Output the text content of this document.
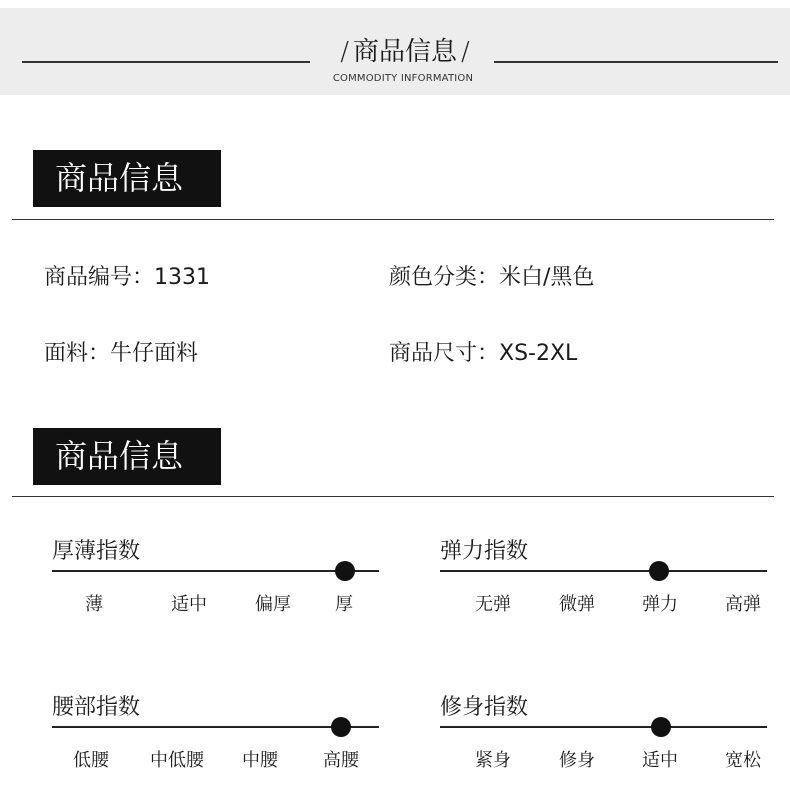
/ 商品信息 /
COMMODITY INFORMATION
商品信息
商品编号：1331	颜色分类：米白/黑色
面料：牛仔面料	商品尺寸：XS-2XL
商品信息
厚薄指数
薄	适中	偏厚	厚
弹力指数
无弹	微弹	弹力	高弹
腰部指数
低腰	中低腰	中腰	高腰
修身指数
紧身	修身	适中	宽松
